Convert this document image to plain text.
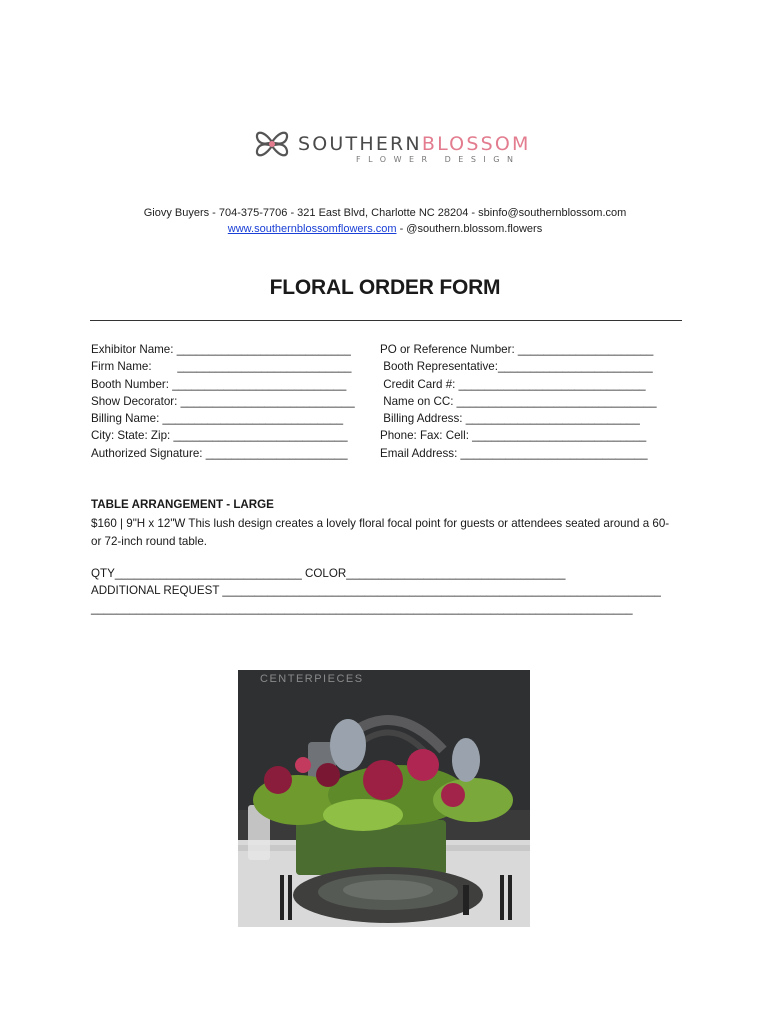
SOUTHERNBLOSSOM
FLOWER DESIGN
Giovy Buyers - 704-375-7706 - 321 East Blvd, Charlotte NC 28204 - sbinfo@southernblossom.com
www.southernblossomflowers.com - @southern.blossom.flowers
FLORAL ORDER FORM
Exhibitor Name: ___________________________
Firm Name:        ___________________________
Booth Number: ___________________________
Show Decorator: ___________________________
Billing Name: ____________________________
City: State: Zip: ___________________________
Authorized Signature: ______________________
PO or Reference Number: _____________________
Booth Representative:________________________
Credit Card #: _____________________________
Name on CC: _______________________________
Billing Address: ___________________________
Phone: Fax: Cell: ___________________________
Email Address: _____________________________
TABLE ARRANGEMENT - LARGE
$160 | 9"H x 12"W This lush design creates a lovely floral focal point for guests or attendees seated around a 60- or 72-inch round table.
QTY_____________________________ COLOR__________________________________
ADDITIONAL REQUEST ____________________________________________________________________
____________________________________________________________________________________
CENTERPIECES
